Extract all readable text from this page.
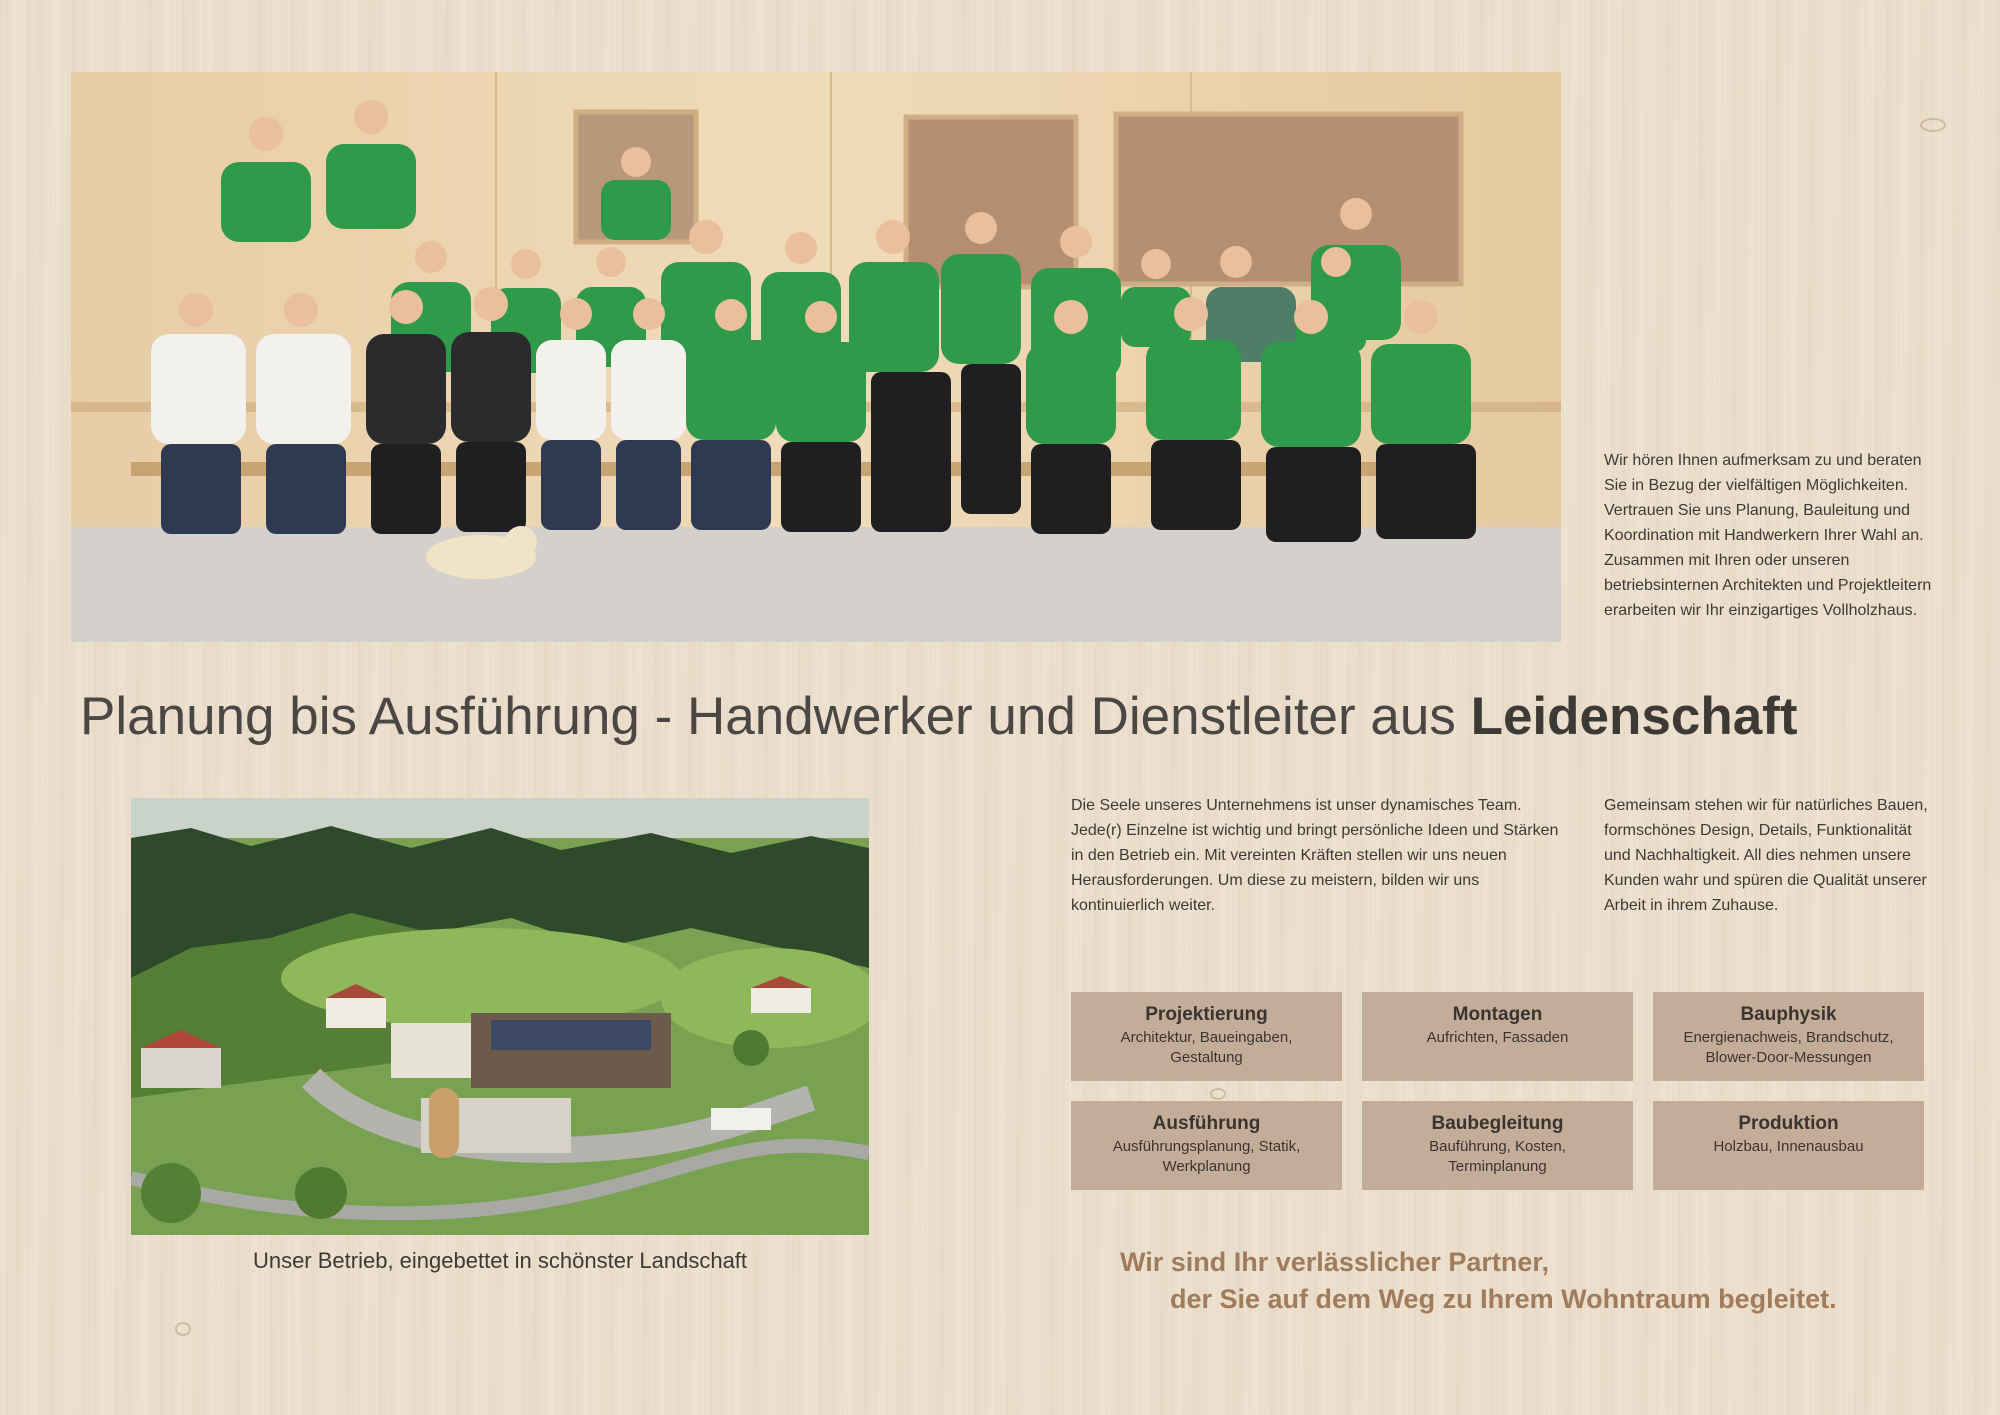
Wir hören Ihnen aufmerksam zu und beraten Sie in Bezug der vielfältigen Möglichkeiten. Vertrauen Sie uns Planung, Bauleitung und Koordination mit Handwerkern Ihrer Wahl an. Zusammen mit Ihren oder unseren betriebsinternen Architekten und Projektleitern erarbeiten wir Ihr einzigartiges Vollholzhaus.
Planung bis Ausführung - Handwerker und Dienstleiter aus Leidenschaft
Unser Betrieb, eingebettet in schönster Landschaft
Die Seele unseres Unternehmens ist unser dynamisches Team. Jede(r) Einzelne ist wichtig und bringt persönliche Ideen und Stärken in den Betrieb ein. Mit vereinten Kräften stellen wir uns neuen Herausforderungen. Um diese zu meistern, bilden wir uns kontinuierlich weiter.
Gemeinsam stehen wir für natürliches Bauen, formschönes Design, Details, Funktionalität und Nachhaltigkeit. All dies nehmen unsere Kunden wahr und spüren die Qualität unserer Arbeit in ihrem Zuhause.
Projektierung
Architektur, Baueingaben,
Gestaltung
Montagen
Aufrichten, Fassaden
Bauphysik
Energienachweis, Brandschutz,
Blower-Door-Messungen
Ausführung
Ausführungsplanung, Statik,
Werkplanung
Baubegleitung
Bauführung, Kosten,
Terminplanung
Produktion
Holzbau, Innenausbau
Wir sind Ihr verlässlicher Partner,
der Sie auf dem Weg zu Ihrem Wohntraum begleitet.
